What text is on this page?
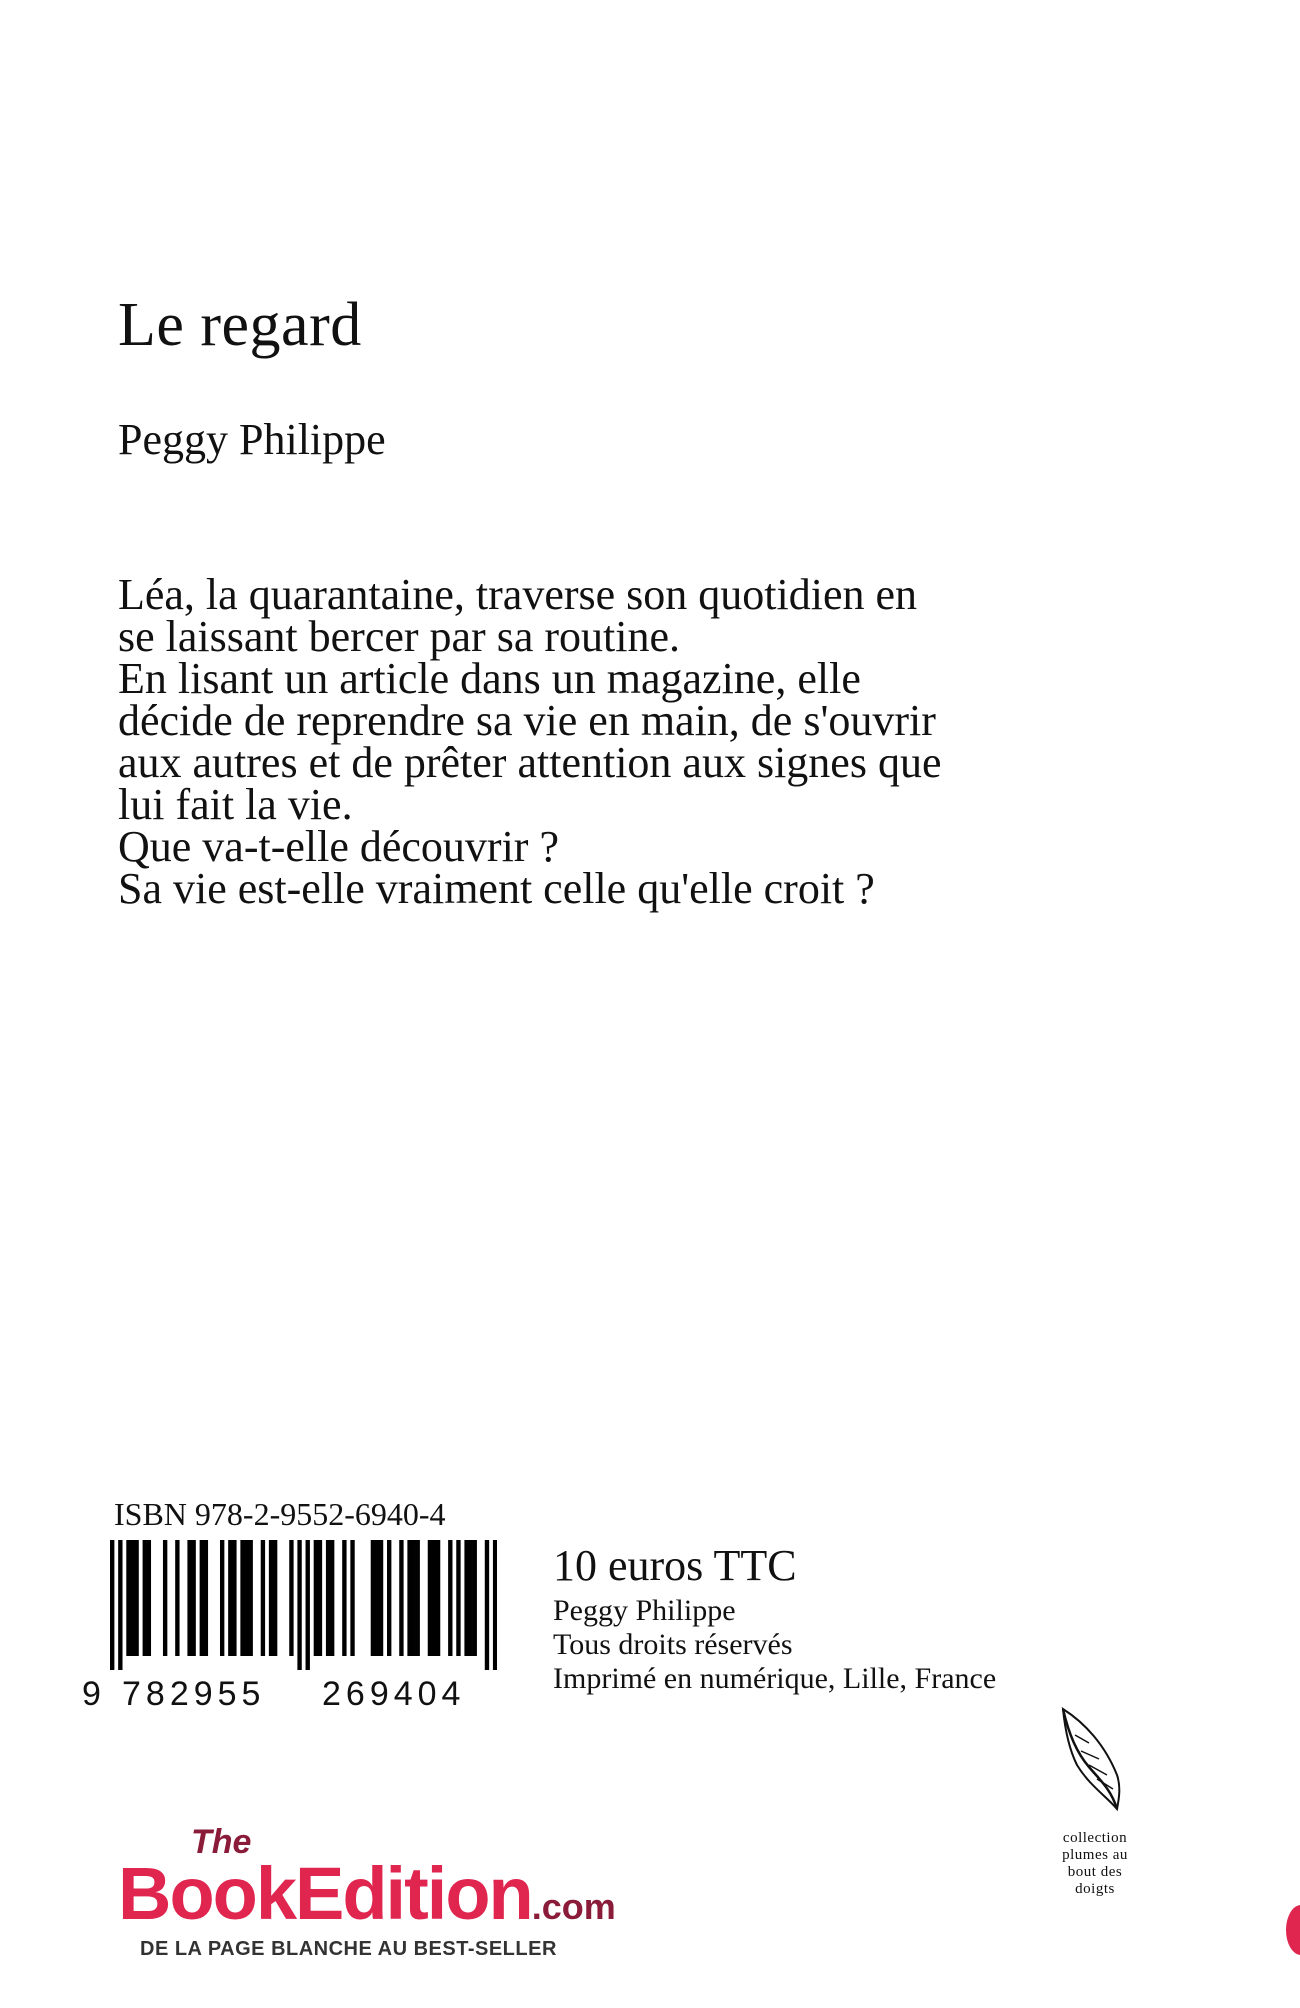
Le regard
Peggy Philippe

Léa, la quarantaine, traverse son quotidien en se laissant bercer par sa routine.

En lisant un article dans un magazine, elle décide de reprendre sa vie en main, de s'ouvrir aux autres et de prêter attention aux signes que lui fait la vie.

Que va-t-elle découvrir ?

Sa vie est-elle vraiment celle qu'elle croit ?

ISBN 978-2-9552-6940-4
9 782955 269404
10 euros TTC
Peggy Philippe
Tous droits réservés
Imprimé en numérique, Lille, France
The
BookEdition.com
DE LA PAGE BLANCHE AU BEST-SELLER
collection
plumes au
bout des
doigts
